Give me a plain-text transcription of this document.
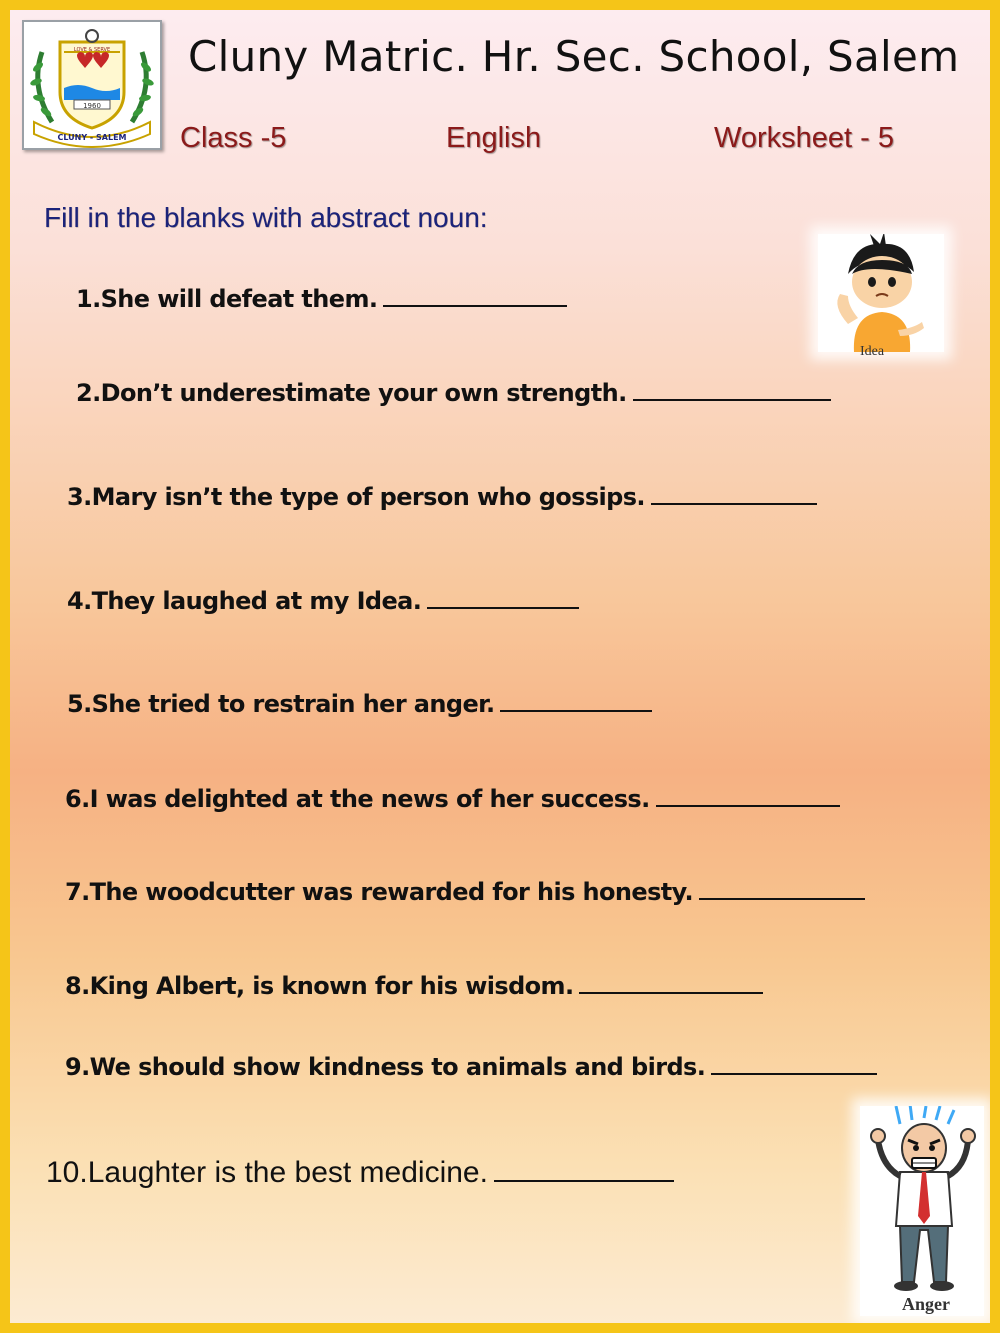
1960
CLUNY - SALEM
LOVE & SERVE Cluny Matric. Hr. Sec. School, Salem
Class -5	English	Worksheet - 5
Fill in the blanks with abstract noun:
Idea
1.She will defeat them.
2.Don’t underestimate your own strength.
3.Mary isn’t the type of person who gossips.
4.They laughed at my Idea.
5.She tried to restrain her anger.
6.I was delighted at the news of her success.
7.The woodcutter was rewarded for his honesty.
8.King Albert, is known for his wisdom.
9.We should show kindness to animals and birds.
10.Laughter is the best medicine.
Anger
